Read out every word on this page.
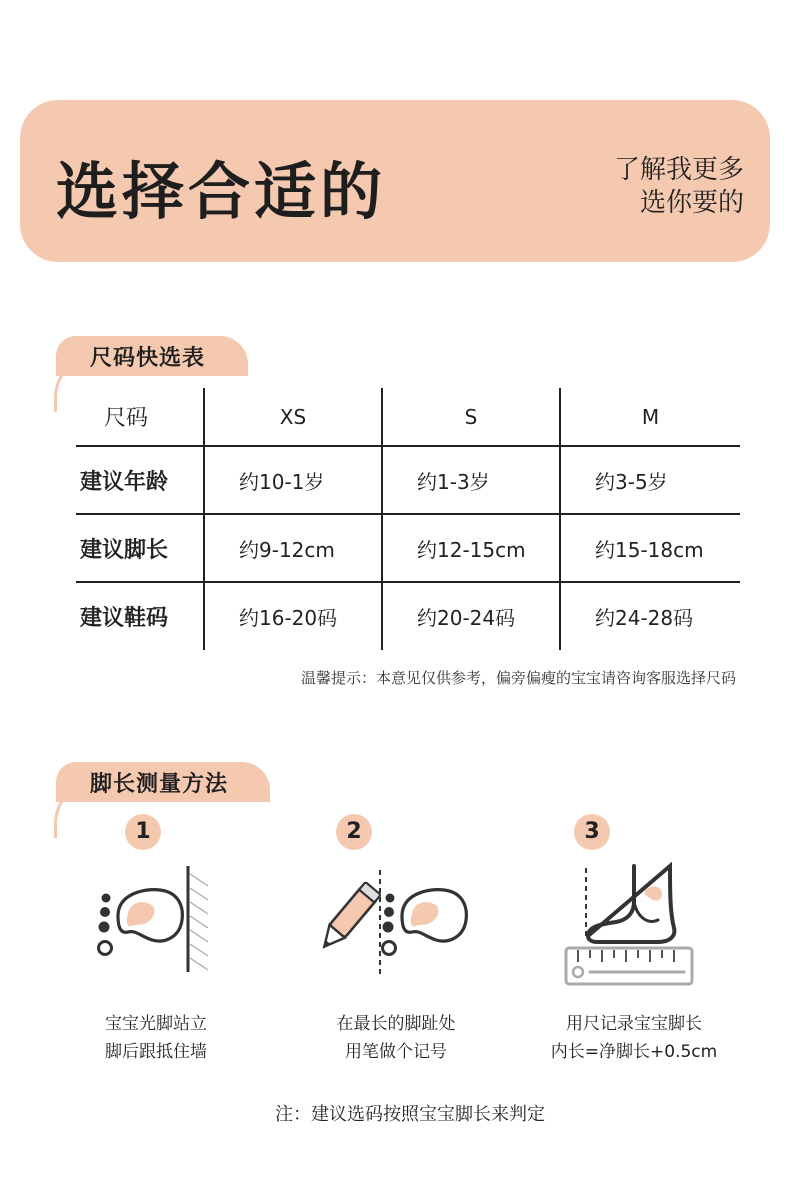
选择合适的	了解我更多
选你要的
尺码快选表
尺码	XS	S	M
建议年龄	约10-1岁	约1-3岁	约3-5岁
建议脚长	约9-12cm	约12-15cm	约15-18cm
建议鞋码	约16-20码	约20-24码	约24-28码
温馨提示：本意见仅供参考，偏旁偏瘦的宝宝请咨询客服选择尺码
脚长测量方法
1
宝宝光脚站立
脚后跟抵住墙
2
在最长的脚趾处
用笔做个记号
3
用尺记录宝宝脚长
内长=净脚长+0.5cm
注：建议选码按照宝宝脚长来判定
